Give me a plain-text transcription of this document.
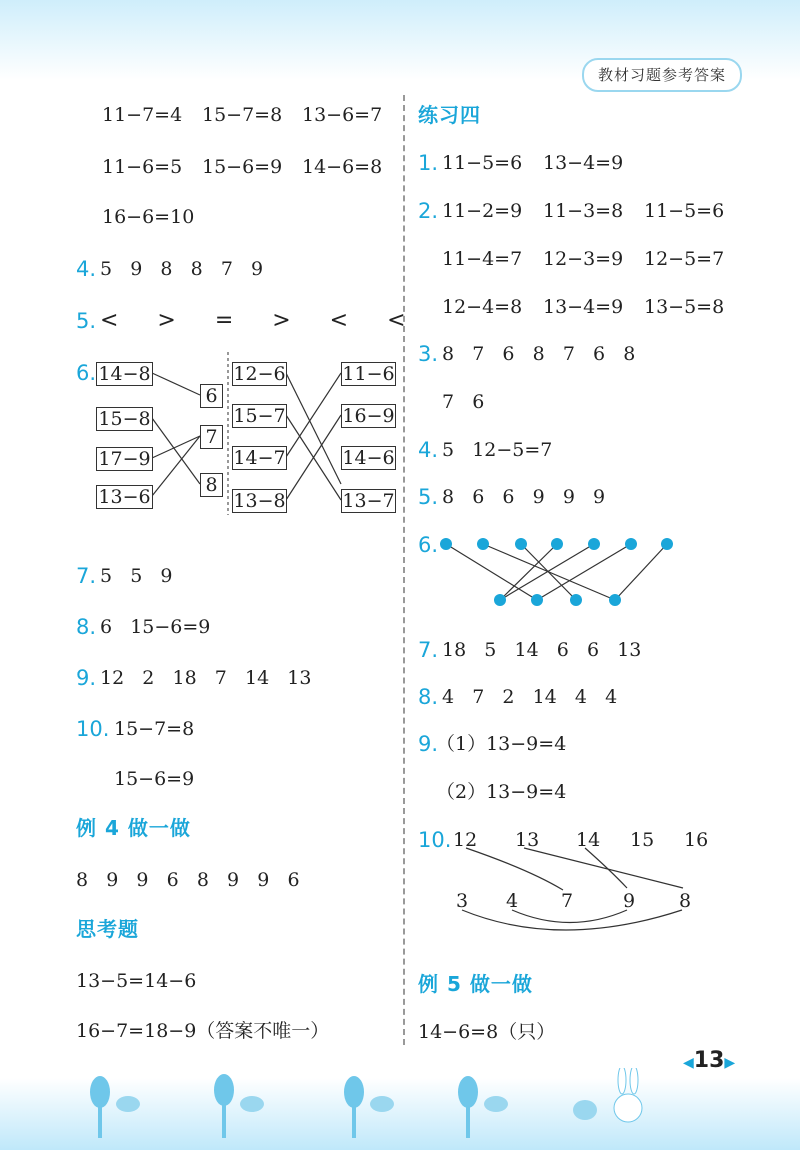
教材习题参考答案
11−7=4 15−7=8 13−6=7
11−6=5 15−6=9 14−6=8
16−6=10
4. 5   9   8   8   7   9
5. <   >   =   >   <   <
6. 14−8
15−8
17−9
13−6
6
7
8
12−6
15−7
14−7
13−8
11−6
16−9
14−6
13−7
7. 5   5   9
8. 6   15−6=9
9. 12   2   18   7   14   13
10. 15−7=8
15−6=9
例 4 做一做
8   9   9   6   8   9   9   6
思考题
13−5=14−6
16−7=18−9（答案不唯一）
练习四
1. 11−5=6 13−4=9
2. 11−2=9 11−3=8 11−5=6
11−4=7 12−3=9 12−5=7
12−4=8 13−4=9 13−5=8
3. 8   7   6   8   7   6   8
7   6
4. 5   12−5=7
5. 8   6   6   9   9   9
6.
7. 18   5   14   6   6   13
8. 4   7   2   14   4   4
9.
（1）13−9=4
（2）13−9=4
10. 12 13 14 15 16
3 4 7	9 8
例 5 做一做
14−6=8（只）
◀13▶
